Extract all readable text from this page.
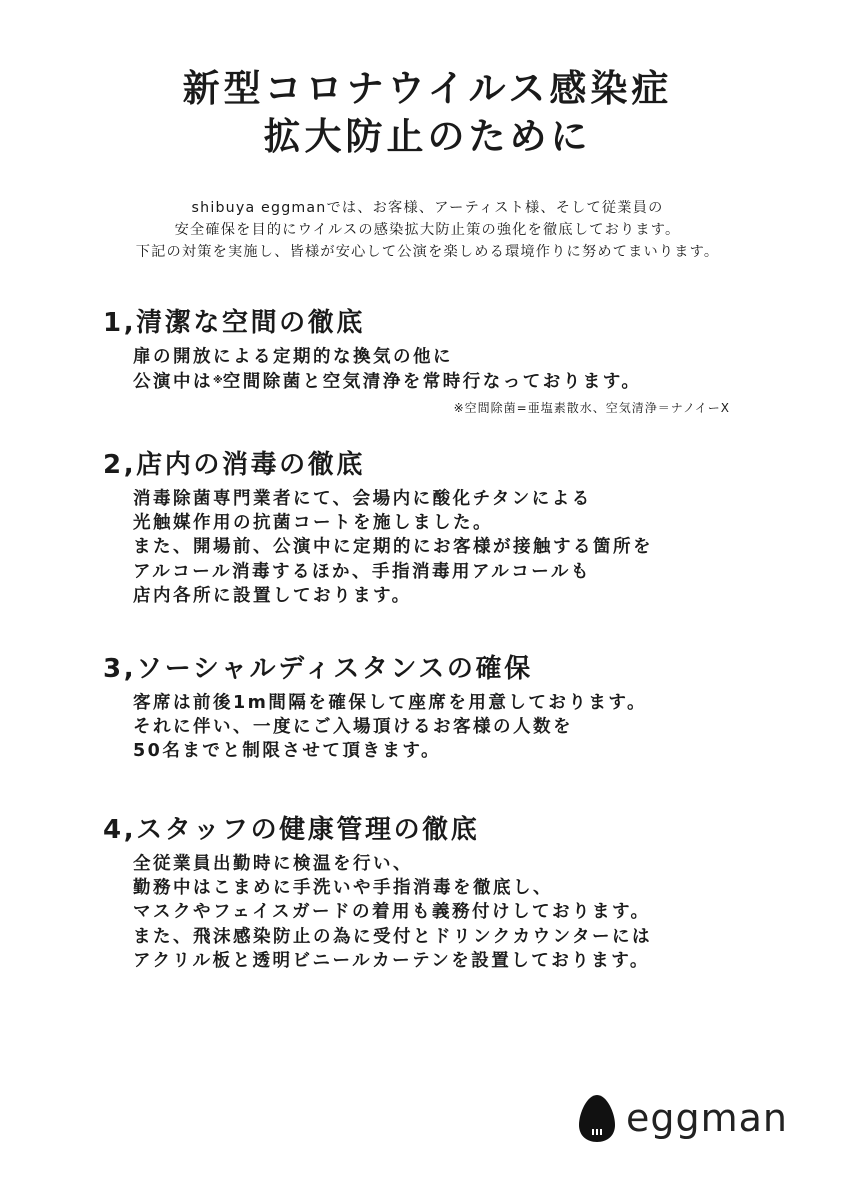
新型コロナウイルス感染症
拡大防止のために
shibuya eggmanでは、お客様、アーティスト様、そして従業員の
安全確保を目的にウイルスの感染拡大防止策の強化を徹底しております。
下記の対策を実施し、皆様が安心して公演を楽しめる環境作りに努めてまいります。
1,清潔な空間の徹底
扉の開放による定期的な換気の他に
公演中は※空間除菌と空気清浄を常時行なっております。
※空間除菌=亜塩素散水、空気清浄＝ナノイーX
2,店内の消毒の徹底
消毒除菌専門業者にて、会場内に酸化チタンによる
光触媒作用の抗菌コートを施しました。
また、開場前、公演中に定期的にお客様が接触する箇所を
アルコール消毒するほか、手指消毒用アルコールも
店内各所に設置しております。
3,ソーシャルディスタンスの確保
客席は前後1m間隔を確保して座席を用意しております。
それに伴い、一度にご入場頂けるお客様の人数を
50名までと制限させて頂きます。
4,スタッフの健康管理の徹底
全従業員出勤時に検温を行い、
勤務中はこまめに手洗いや手指消毒を徹底し、
マスクやフェイスガードの着用も義務付けしております。
また、飛沫感染防止の為に受付とドリンクカウンターには
アクリル板と透明ビニールカーテンを設置しております。
eggman
